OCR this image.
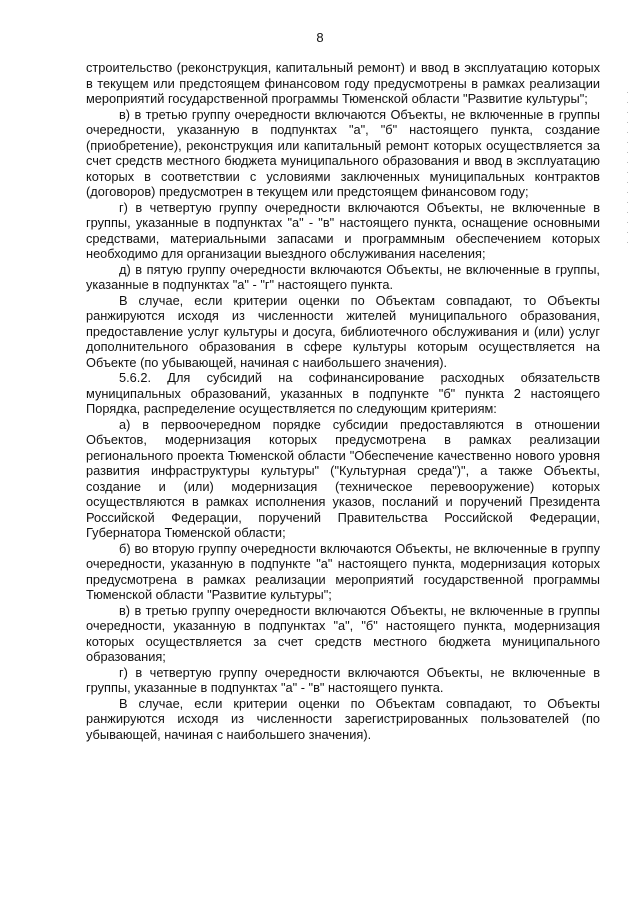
8

строительство (реконструкция, капитальный ремонт) и ввод в эксплуатацию которых в текущем или предстоящем финансовом году предусмотрены в рамках реализации мероприятий государственной программы Тюменской области "Развитие культуры";

в) в третью группу очередности включаются Объекты, не включенные в группы очередности, указанную в подпунктах "а", "б" настоящего пункта, создание (приобретение), реконструкция или капитальный ремонт которых осуществляется за счет средств местного бюджета муниципального образования и ввод в эксплуатацию которых в соответствии с условиями заключенных муниципальных контрактов (договоров) предусмотрен в текущем или предстоящем финансовом году;

г) в четвертую группу очередности включаются Объекты, не включенные в группы, указанные в подпунктах "а" - "в" настоящего пункта, оснащение основными средствами, материальными запасами и программным обеспечением которых необходимо для организации выездного обслуживания населения;

д) в пятую группу очередности включаются Объекты, не включенные в группы, указанные в подпунктах "а" - "г" настоящего пункта.

В случае, если критерии оценки по Объектам совпадают, то Объекты ранжируются исходя из численности жителей муниципального образования, предоставление услуг культуры и досуга, библиотечного обслуживания и (или) услуг дополнительного образования в сфере культуры которым осуществляется на Объекте (по убывающей, начиная с наибольшего значения).

5.6.2. Для субсидий на софинансирование расходных обязательств муниципальных образований, указанных в подпункте "б" пункта 2 настоящего Порядка, распределение осуществляется по следующим критериям:

а) в первоочередном порядке субсидии предоставляются в отношении Объектов, модернизация которых предусмотрена в рамках реализации регионального проекта Тюменской области "Обеспечение качественно нового уровня развития инфраструктуры культуры" ("Культурная среда")", а также Объекты, создание и (или) модернизация (техническое перевооружение) которых осуществляются в рамках исполнения указов, посланий и поручений Президента Российской Федерации, поручений Правительства Российской Федерации, Губернатора Тюменской области;

б) во вторую группу очередности включаются Объекты, не включенные в группу очередности, указанную в подпункте "а" настоящего пункта, модернизация которых предусмотрена в рамках реализации мероприятий государственной программы Тюменской области "Развитие культуры";

в) в третью группу очередности включаются Объекты, не включенные в группы очередности, указанную в подпунктах "а", "б" настоящего пункта, модернизация которых осуществляется за счет средств местного бюджета муниципального образования;

г) в четвертую группу очередности включаются Объекты, не включенные в группы, указанные в подпунктах "а" - "в" настоящего пункта.

В случае, если критерии оценки по Объектам совпадают, то Объекты ранжируются исходя из численности зарегистрированных пользователей (по убывающей, начиная с наибольшего значения).
